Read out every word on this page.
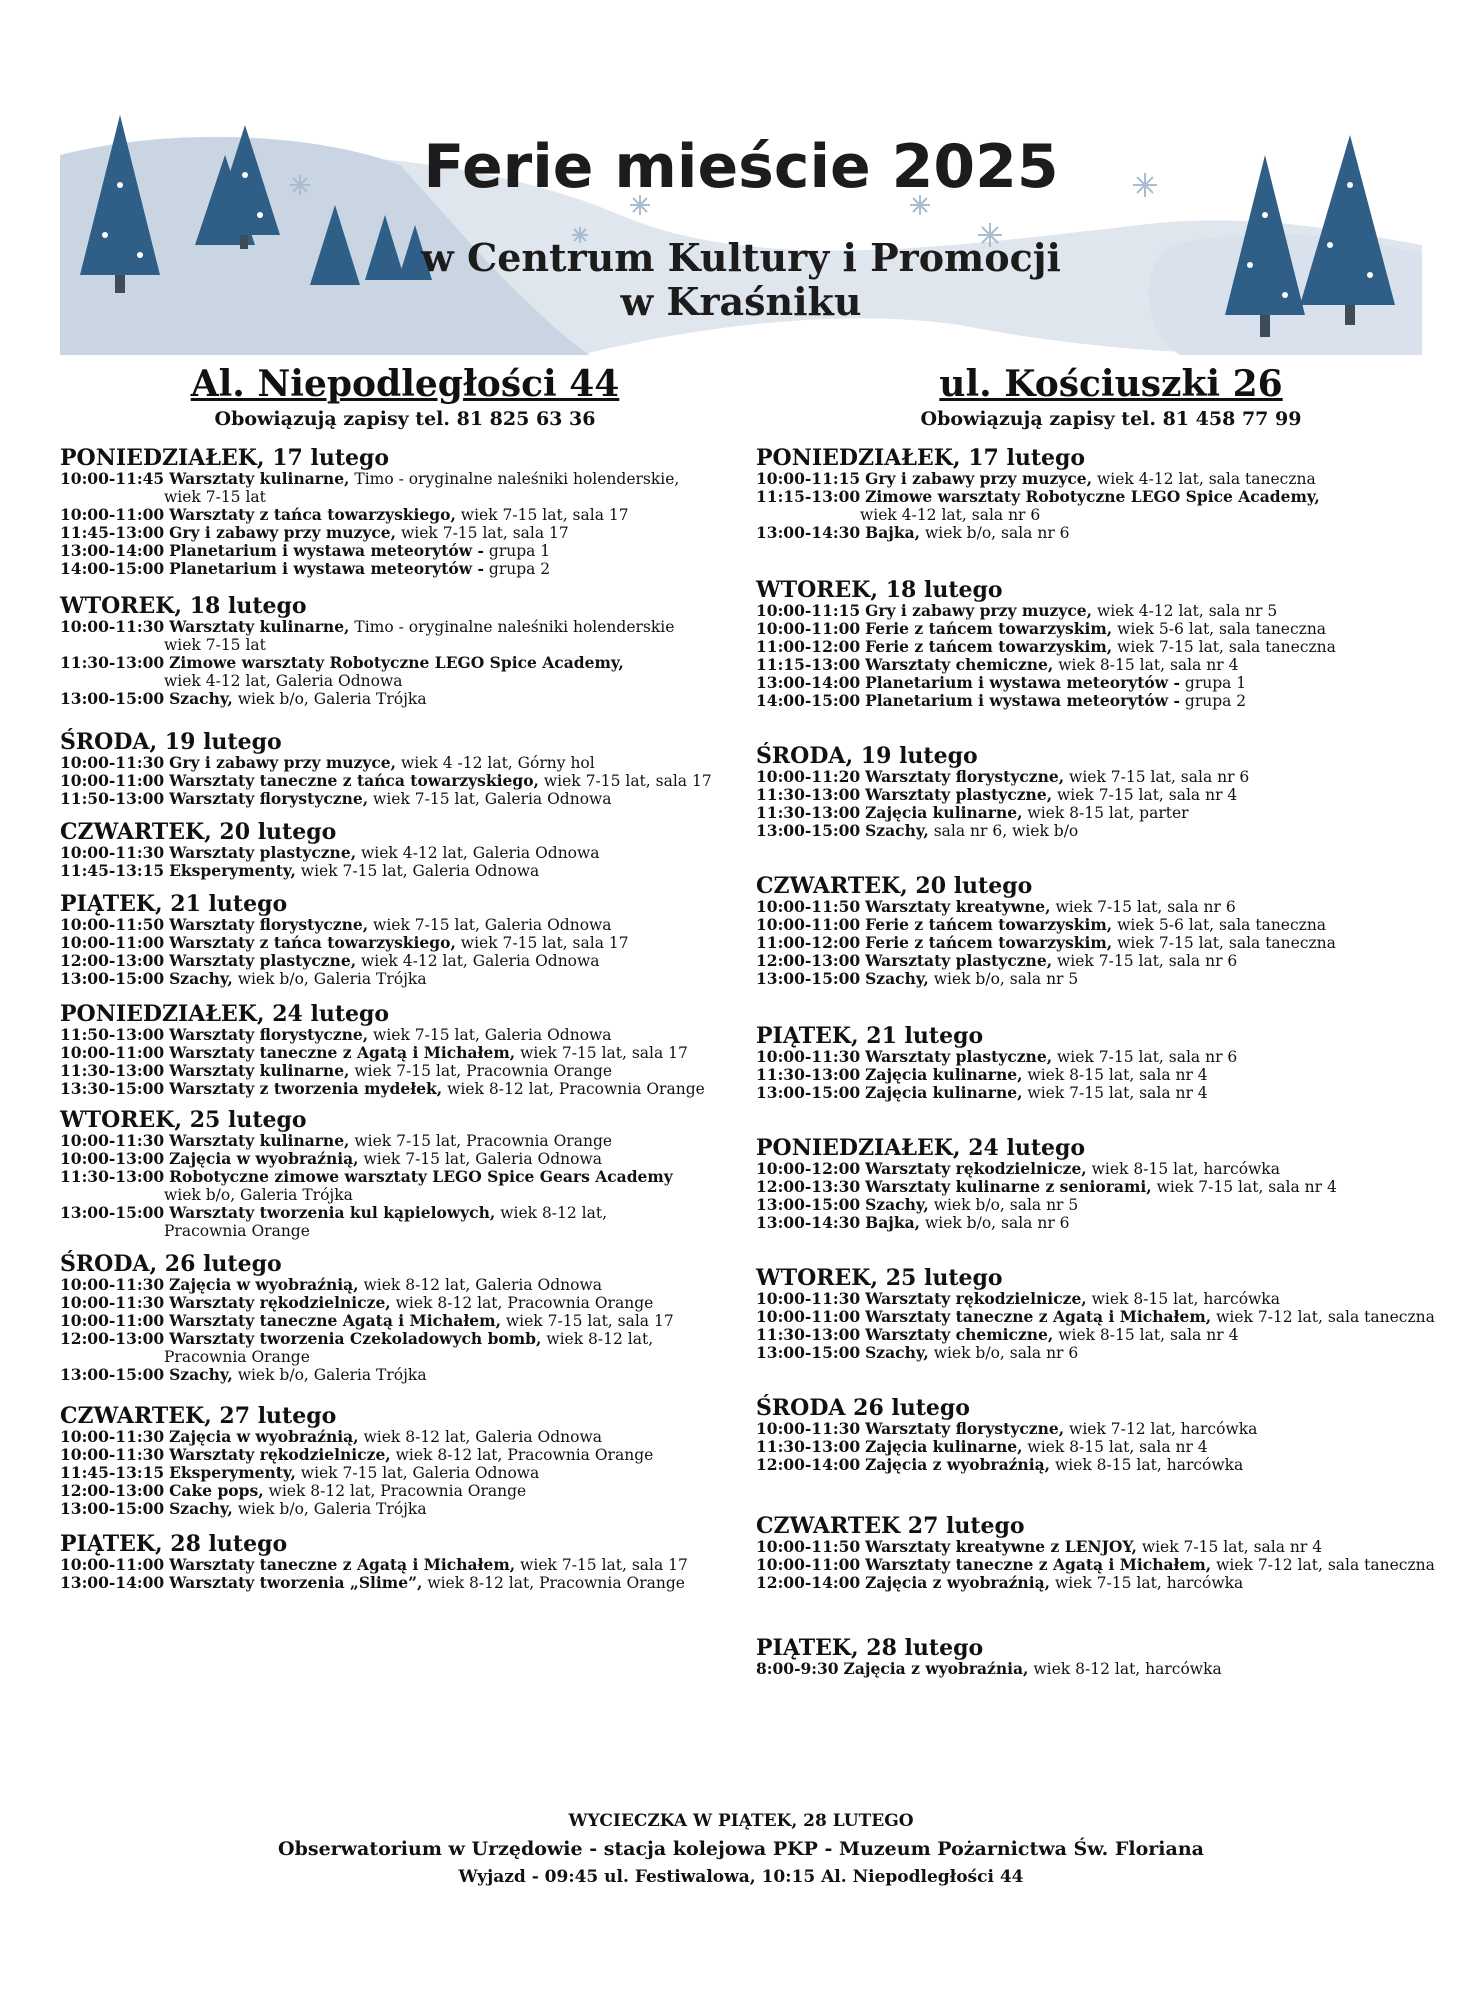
Ferie mieście 2025
w Centrum Kultury i Promocji
w Kraśniku
Al. Niepodległości 44
Obowiązują zapisy tel. 81 825 63 36
PONIEDZIAŁEK, 17 lutego
10:00-11:45 Warsztaty kulinarne, Timo - oryginalne naleśniki holenderskie,
wiek 7-15 lat
10:00-11:00 Warsztaty z tańca towarzyskiego, wiek 7-15 lat, sala 17
11:45-13:00 Gry i zabawy przy muzyce, wiek 7-15 lat, sala 17
13:00-14:00 Planetarium i wystawa meteorytów - grupa 1
14:00-15:00 Planetarium i wystawa meteorytów - grupa 2
WTOREK, 18 lutego
10:00-11:30 Warsztaty kulinarne, Timo - oryginalne naleśniki holenderskie
wiek 7-15 lat
11:30-13:00 Zimowe warsztaty Robotyczne LEGO Spice Academy,
wiek 4-12 lat, Galeria Odnowa
13:00-15:00 Szachy, wiek b/o, Galeria Trójka
ŚRODA, 19 lutego
10:00-11:30 Gry i zabawy przy muzyce, wiek 4 -12 lat, Górny hol
10:00-11:00 Warsztaty taneczne z tańca towarzyskiego, wiek 7-15 lat, sala 17
11:50-13:00 Warsztaty florystyczne, wiek 7-15 lat, Galeria Odnowa
CZWARTEK, 20 lutego
10:00-11:30 Warsztaty plastyczne, wiek 4-12 lat, Galeria Odnowa
11:45-13:15 Eksperymenty, wiek 7-15 lat, Galeria Odnowa
PIĄTEK, 21 lutego
10:00-11:50 Warsztaty florystyczne, wiek 7-15 lat, Galeria Odnowa
10:00-11:00 Warsztaty z tańca towarzyskiego, wiek 7-15 lat, sala 17
12:00-13:00 Warsztaty plastyczne, wiek 4-12 lat, Galeria Odnowa
13:00-15:00 Szachy, wiek b/o, Galeria Trójka
PONIEDZIAŁEK, 24 lutego
11:50-13:00 Warsztaty florystyczne, wiek 7-15 lat, Galeria Odnowa
10:00-11:00 Warsztaty taneczne z Agatą i Michałem, wiek 7-15 lat, sala 17
11:30-13:00 Warsztaty kulinarne, wiek 7-15 lat, Pracownia Orange
13:30-15:00 Warsztaty z tworzenia mydełek, wiek 8-12 lat, Pracownia Orange
WTOREK, 25 lutego
10:00-11:30 Warsztaty kulinarne, wiek 7-15 lat, Pracownia Orange
10:00-13:00 Zajęcia w wyobraźnią, wiek 7-15 lat, Galeria Odnowa
11:30-13:00 Robotyczne zimowe warsztaty LEGO Spice Gears Academy
wiek b/o, Galeria Trójka
13:00-15:00 Warsztaty tworzenia kul kąpielowych, wiek 8-12 lat,
Pracownia Orange
ŚRODA, 26 lutego
10:00-11:30 Zajęcia w wyobraźnią, wiek 8-12 lat, Galeria Odnowa
10:00-11:30 Warsztaty rękodzielnicze, wiek 8-12 lat, Pracownia Orange
10:00-11:00 Warsztaty taneczne Agatą i Michałem, wiek 7-15 lat, sala 17
12:00-13:00 Warsztaty tworzenia Czekoladowych bomb, wiek 8-12 lat,
Pracownia Orange
13:00-15:00 Szachy, wiek b/o, Galeria Trójka
CZWARTEK, 27 lutego
10:00-11:30 Zajęcia w wyobraźnią, wiek 8-12 lat, Galeria Odnowa
10:00-11:30 Warsztaty rękodzielnicze, wiek 8-12 lat, Pracownia Orange
11:45-13:15 Eksperymenty, wiek 7-15 lat, Galeria Odnowa
12:00-13:00 Cake pops, wiek 8-12 lat, Pracownia Orange
13:00-15:00 Szachy, wiek b/o, Galeria Trójka
PIĄTEK, 28 lutego
10:00-11:00 Warsztaty taneczne z Agatą i Michałem, wiek 7-15 lat, sala 17
13:00-14:00 Warsztaty tworzenia „Slime”, wiek 8-12 lat, Pracownia Orange
ul. Kościuszki 26
Obowiązują zapisy tel. 81 458 77 99
PONIEDZIAŁEK, 17 lutego
10:00-11:15 Gry i zabawy przy muzyce, wiek 4-12 lat, sala taneczna
11:15-13:00 Zimowe warsztaty Robotyczne LEGO Spice Academy,
wiek 4-12 lat, sala nr 6
13:00-14:30 Bajka, wiek b/o, sala nr 6
WTOREK, 18 lutego
10:00-11:15 Gry i zabawy przy muzyce, wiek 4-12 lat, sala nr 5
10:00-11:00 Ferie z tańcem towarzyskim, wiek 5-6 lat, sala taneczna
11:00-12:00 Ferie z tańcem towarzyskim, wiek 7-15 lat, sala taneczna
11:15-13:00 Warsztaty chemiczne, wiek 8-15 lat, sala nr 4
13:00-14:00 Planetarium i wystawa meteorytów - grupa 1
14:00-15:00 Planetarium i wystawa meteorytów - grupa 2
ŚRODA, 19 lutego
10:00-11:20 Warsztaty florystyczne, wiek 7-15 lat, sala nr 6
11:30-13:00 Warsztaty plastyczne, wiek 7-15 lat, sala nr 4
11:30-13:00 Zajęcia kulinarne, wiek 8-15 lat, parter
13:00-15:00 Szachy, sala nr 6, wiek b/o
CZWARTEK, 20 lutego
10:00-11:50 Warsztaty kreatywne, wiek 7-15 lat, sala nr 6
10:00-11:00 Ferie z tańcem towarzyskim, wiek 5-6 lat, sala taneczna
11:00-12:00 Ferie z tańcem towarzyskim, wiek 7-15 lat, sala taneczna
12:00-13:00 Warsztaty plastyczne, wiek 7-15 lat, sala nr 6
13:00-15:00 Szachy, wiek b/o, sala nr 5
PIĄTEK, 21 lutego
10:00-11:30 Warsztaty plastyczne, wiek 7-15 lat, sala nr 6
11:30-13:00 Zajęcia kulinarne, wiek 8-15 lat, sala nr 4
13:00-15:00 Zajęcia kulinarne, wiek 7-15 lat, sala nr 4
PONIEDZIAŁEK, 24 lutego
10:00-12:00 Warsztaty rękodzielnicze, wiek 8-15 lat, harcówka
12:00-13:30 Warsztaty kulinarne z seniorami, wiek 7-15 lat, sala nr 4
13:00-15:00 Szachy, wiek b/o, sala nr 5
13:00-14:30 Bajka, wiek b/o, sala nr 6
WTOREK, 25 lutego
10:00-11:30 Warsztaty rękodzielnicze, wiek 8-15 lat, harcówka
10:00-11:00 Warsztaty taneczne z Agatą i Michałem, wiek 7-12 lat, sala taneczna
11:30-13:00 Warsztaty chemiczne, wiek 8-15 lat, sala nr 4
13:00-15:00 Szachy, wiek b/o, sala nr 6
ŚRODA 26 lutego
10:00-11:30 Warsztaty florystyczne, wiek 7-12 lat, harcówka
11:30-13:00 Zajęcia kulinarne, wiek 8-15 lat, sala nr 4
12:00-14:00 Zajęcia z wyobraźnią, wiek 8-15 lat, harcówka
CZWARTEK 27 lutego
10:00-11:50 Warsztaty kreatywne z LENJOY, wiek 7-15 lat, sala nr 4
10:00-11:00 Warsztaty taneczne z Agatą i Michałem, wiek 7-12 lat, sala taneczna
12:00-14:00 Zajęcia z wyobraźnią, wiek 7-15 lat, harcówka
PIĄTEK, 28 lutego
8:00-9:30 Zajęcia z wyobraźnia, wiek 8-12 lat, harcówka
WYCIECZKA W PIĄTEK, 28 LUTEGO
Obserwatorium w Urzędowie - stacja kolejowa PKP - Muzeum Pożarnictwa Św. Floriana
Wyjazd - 09:45 ul. Festiwalowa, 10:15 Al. Niepodległości 44
